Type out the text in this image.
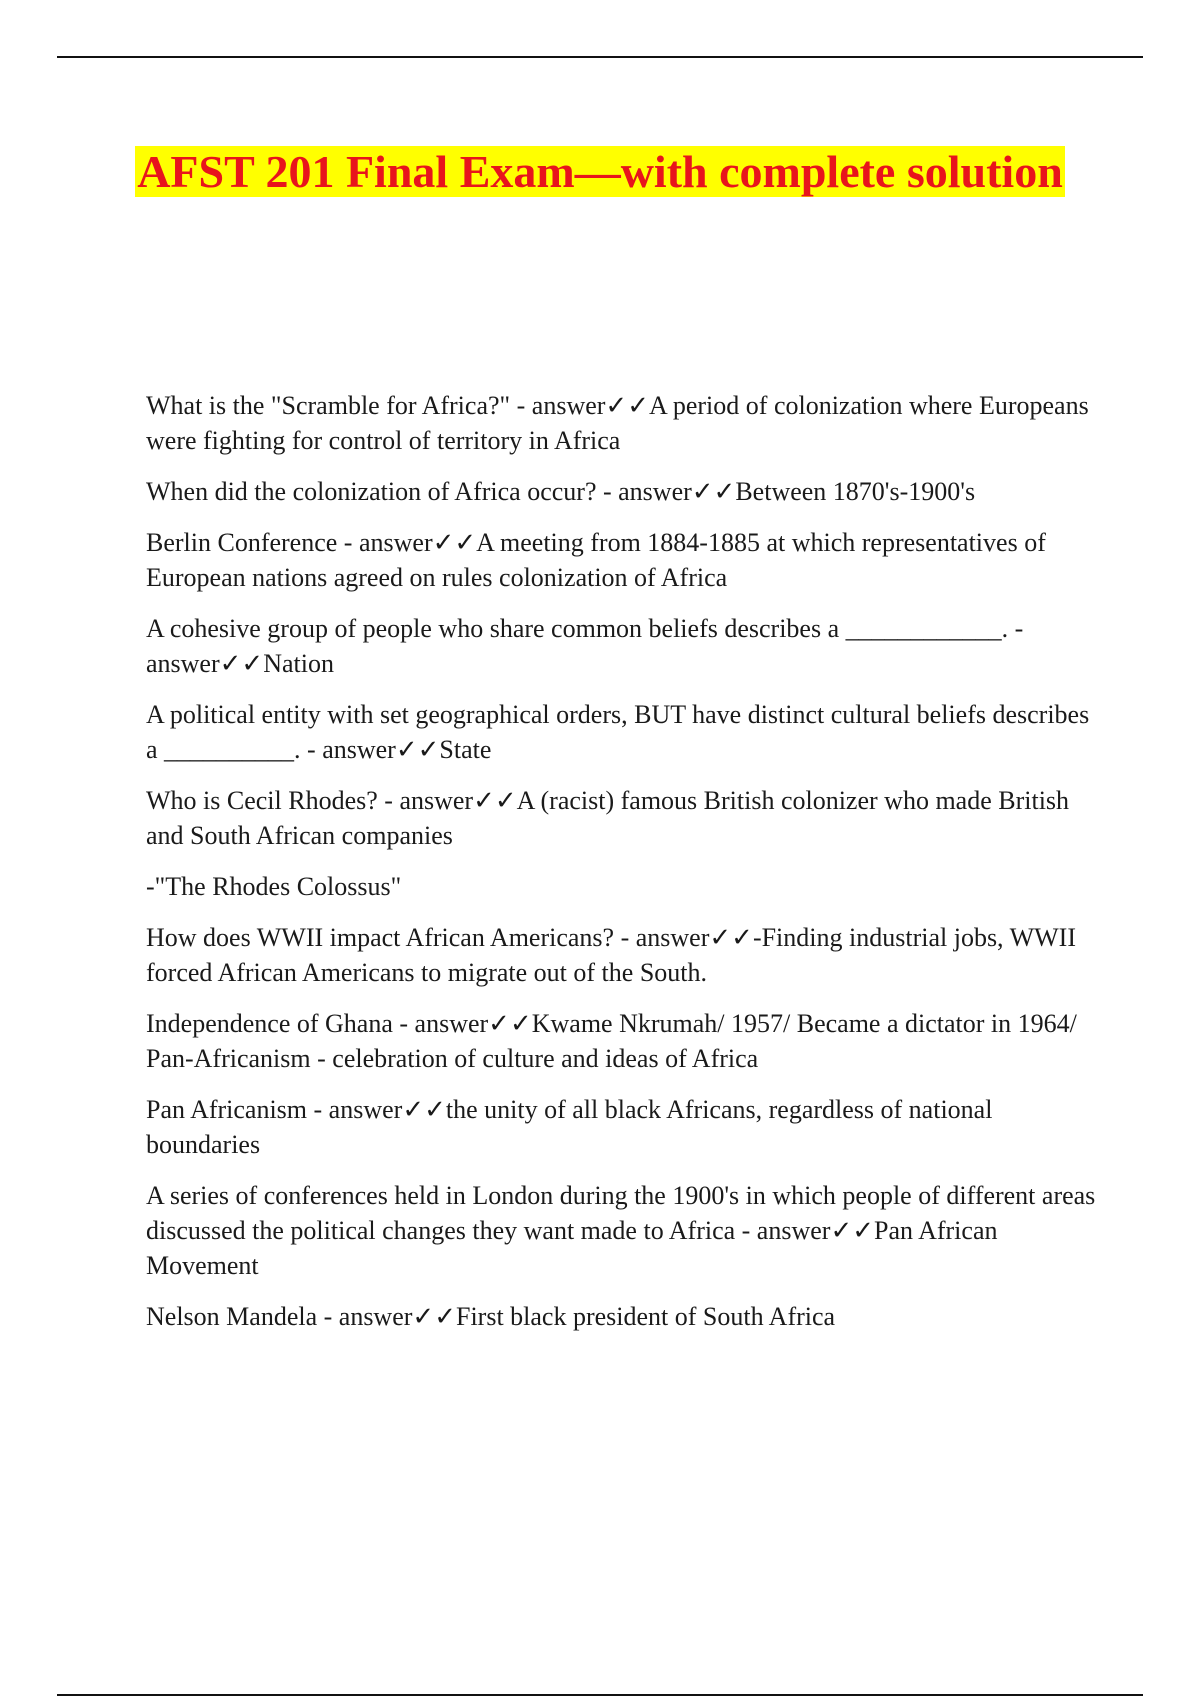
AFST 201 Final Exam—with complete solution
What is the "Scramble for Africa?" - answer✓✓A period of colonization where Europeans were fighting for control of territory in Africa
When did the colonization of Africa occur? - answer✓✓Between 1870's-1900's
Berlin Conference - answer✓✓A meeting from 1884-1885 at which representatives of European nations agreed on rules colonization of Africa
A cohesive group of people who share common beliefs describes a ____________. - answer✓✓Nation
A political entity with set geographical orders, BUT have distinct cultural beliefs describes a __________. - answer✓✓State
Who is Cecil Rhodes? - answer✓✓A (racist) famous British colonizer who made British and South African companies
-"The Rhodes Colossus"
How does WWII impact African Americans? - answer✓✓-Finding industrial jobs, WWII forced African Americans to migrate out of the South.
Independence of Ghana - answer✓✓Kwame Nkrumah/ 1957/ Became a dictator in 1964/ Pan-Africanism - celebration of culture and ideas of Africa
Pan Africanism - answer✓✓the unity of all black Africans, regardless of national boundaries
A series of conferences held in London during the 1900's in which people of different areas discussed the political changes they want made to Africa - answer✓✓Pan African Movement
Nelson Mandela - answer✓✓First black president of South Africa
